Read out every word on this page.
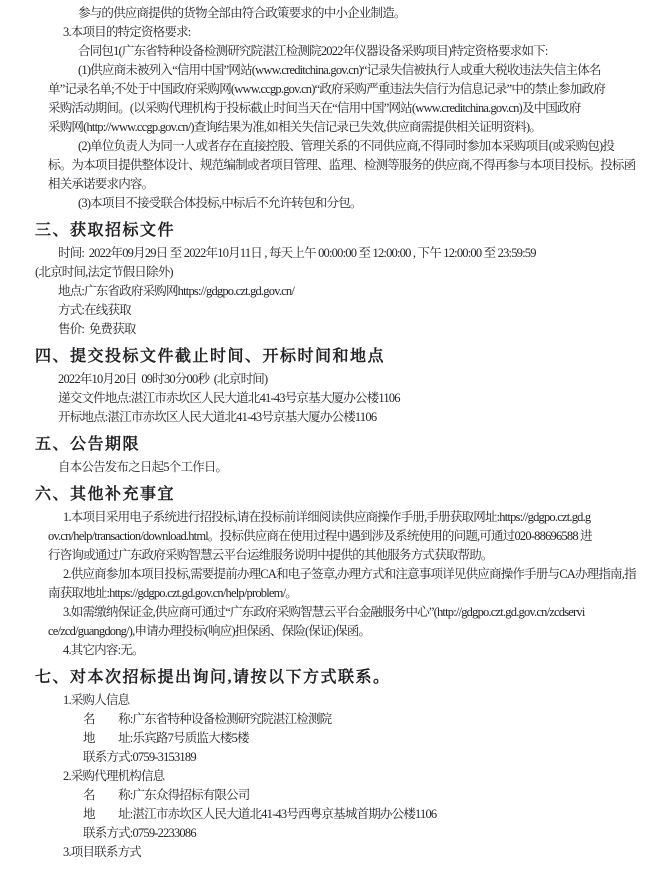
参与的供应商提供的货物全部由符合政策要求的中小企业制造。
3.本项目的特定资格要求:
合同包1(广东省特种设备检测研究院湛江检测院2022年仪器设备采购项目)特定资格要求如下:
(1)供应商未被列入“信用中国”网站(www.creditchina.gov.cn)“记录失信被执行人或重大税收违法失信主体名
单”记录名单;不处于中国政府采购网(www.ccgp.gov.cn)“政府采购严重违法失信行为信息记录”中的禁止参加政府
采购活动期间。(以采购代理机构于投标截止时间当天在“信用中国”网站(www.creditchina.gov.cn)及中国政府
采购网(http://www.ccgp.gov.cn/)查询结果为准,如相关失信记录已失效,供应商需提供相关证明资料)。
(2)单位负责人为同一人或者存在直接控股、管理关系的不同供应商,不得同时参加本采购项目(或采购包)投
标。为本项目提供整体设计、规范编制或者项目管理、监理、检测等服务的供应商,不得再参与本项目投标。投标函
相关承诺要求内容。
(3)本项目不接受联合体投标,中标后不允许转包和分包。
三、获取招标文件
时间:  2022年09月29日 至 2022年10月11日 , 每天上午 00:00:00 至 12:00:00 , 下午 12:00:00 至 23:59:59
(北京时间,法定节假日除外)
地点:广东省政府采购网https://gdgpo.czt.gd.gov.cn/
方式:在线获取
售价:  免费获取
四、提交投标文件截止时间、开标时间和地点
2022年10月20日  09时30分00秒  (北京时间)
递交文件地点:湛江市赤坎区人民大道北41-43号京基大厦办公楼1106
开标地点:湛江市赤坎区人民大道北41-43号京基大厦办公楼1106
五、公告期限
自本公告发布之日起5个工作日。
六、其他补充事宜
1.本项目采用电子系统进行招投标,请在投标前详细阅读供应商操作手册,手册获取网址:https://gdgpo.czt.gd.g
ov.cn/help/transaction/download.html。投标供应商在使用过程中遇到涉及系统使用的问题,可通过020-88696588 进
行咨询或通过广东政府采购智慧云平台运维服务说明中提供的其他服务方式获取帮助。
2.供应商参加本项目投标,需要提前办理CA和电子签章,办理方式和注意事项详见供应商操作手册与CA办理指南,指
南获取地址:https://gdgpo.czt.gd.gov.cn/help/problem/。
3.如需缴纳保证金,供应商可通过“广东政府采购智慧云平台金融服务中心”(http://gdgpo.czt.gd.gov.cn/zcdservi
ce/zcd/guangdong/),申请办理投标(响应)担保函、保险(保证)保函。
4.其它内容:无。
七、对本次招标提出询问,请按以下方式联系。
1.采购人信息
名　　称:广东省特种设备检测研究院湛江检测院
地　　址:乐宾路7号质监大楼5楼
联系方式:0759-3153189
2.采购代理机构信息
名　　称:广东众得招标有限公司
地　　址:湛江市赤坎区人民大道北41-43号西粤京基城首期办公楼1106
联系方式:0759-2233086
3.项目联系方式
